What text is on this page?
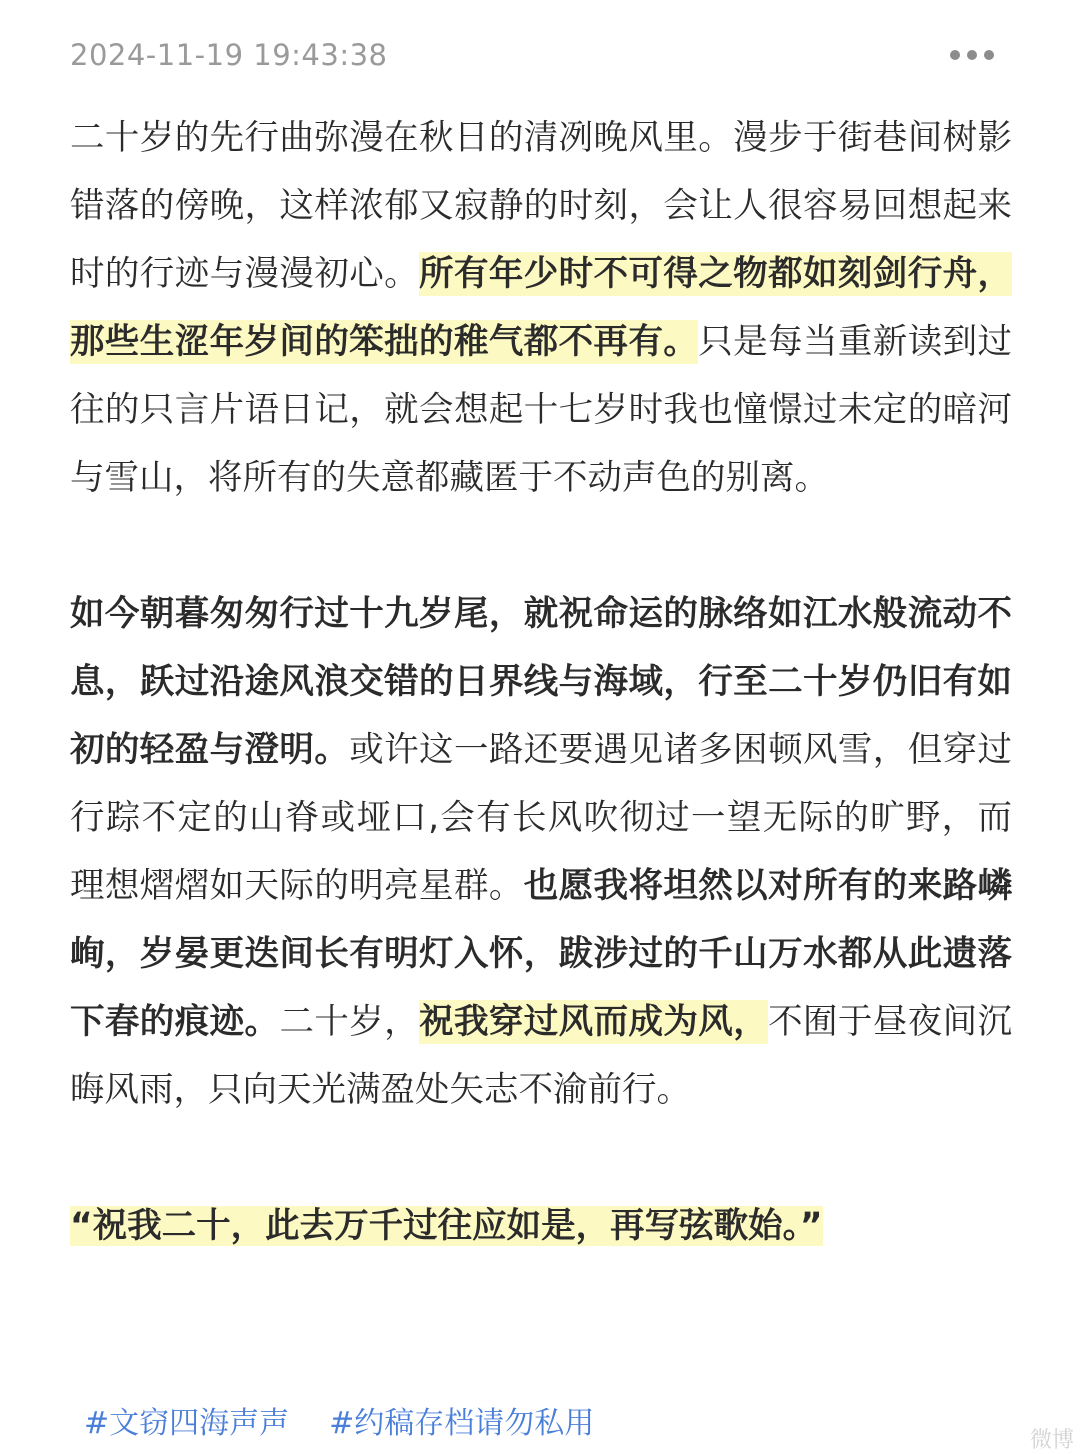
2024-11-19 19:43:38

二十岁的先行曲弥漫在秋日的清冽晚风里。漫步于街巷间树影错落的傍晚，这样浓郁又寂静的时刻，会让人很容易回想起来时的行迹与漫漫初心。所有年少时不可得之物都如刻剑行舟，那些生涩年岁间的笨拙的稚气都不再有。只是每当重新读到过往的只言片语日记，就会想起十七岁时我也憧憬过未定的暗河与雪山，将所有的失意都藏匿于不动声色的别离。

如今朝暮匆匆行过十九岁尾，就祝命运的脉络如江水般流动不息，跃过沿途风浪交错的日界线与海域，行至二十岁仍旧有如初的轻盈与澄明。或许这一路还要遇见诸多困顿风雪，但穿过行踪不定的山脊或垭口,会有长风吹彻过一望无际的旷野，而理想熠熠如天际的明亮星群。也愿我将坦然以对所有的来路嶙峋，岁晏更迭间长有明灯入怀，跋涉过的千山万水都从此遗落下春的痕迹。二十岁，祝我穿过风而成为风，不囿于昼夜间沉晦风雨，只向天光满盈处矢志不渝前行。

“祝我二十，此去万千过往应如是，再写弦歌始。”

#文窃四海声声 #约稿存档请勿私用	微博
